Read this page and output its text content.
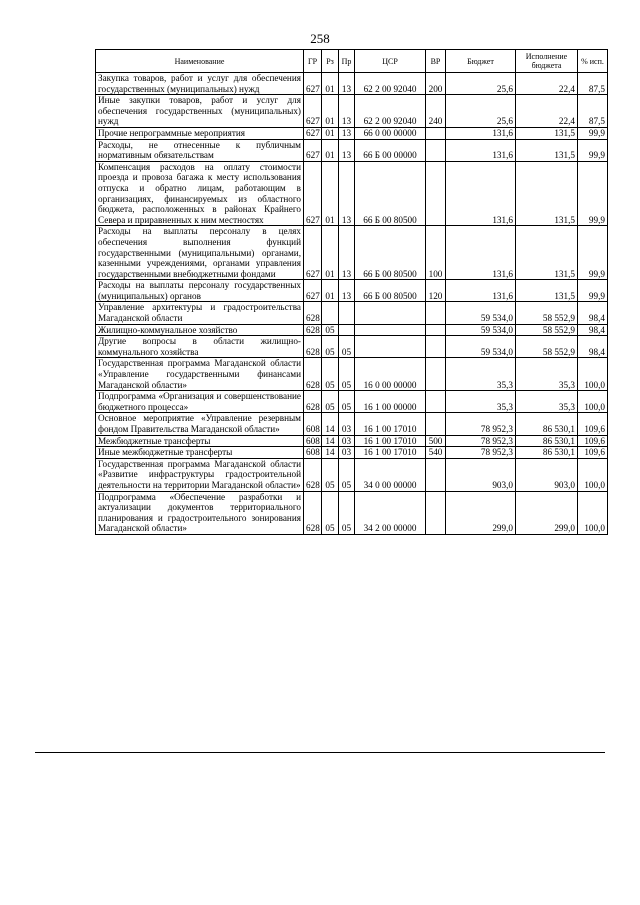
258
Наименование	ГР	Рз	Пр	ЦСР	ВР	Бюджет	Исполнение бюджета	% исп.
Закупка товаров, работ и услуг для обеспечения государственных (муниципальных) нужд	627	01	13	62 2 00 92040	200	25,6	22,4	87,5
Иные закупки товаров, работ и услуг для обеспечения государственных (муниципальных) нужд	627	01	13	62 2 00 92040	240	25,6	22,4	87,5
Прочие непрограммные мероприятия	627	01	13	66 0 00 00000		131,6	131,5	99,9
Расходы, не отнесенные к публичным нормативным обязательствам	627	01	13	66 Б 00 00000		131,6	131,5	99,9
Компенсация расходов на оплату стоимости проезда и провоза багажа к месту использования отпуска и обратно лицам, работающим в организациях, финансируемых из областного бюджета, расположенных в районах Крайнего Севера и приравненных к ним местностях	627	01	13	66 Б 00 80500		131,6	131,5	99,9
Расходы на выплаты персоналу в целях обеспечения выполнения функций государственными (муниципальными) органами, казенными учреждениями, органами управления государственными внебюджетными фондами	627	01	13	66 Б 00 80500	100	131,6	131,5	99,9
Расходы на выплаты персоналу государственных (муниципальных) органов	627	01	13	66 Б 00 80500	120	131,6	131,5	99,9
Управление архитектуры и градостроительства Магаданской области	628					59 534,0	58 552,9	98,4
Жилищно-коммунальное хозяйство	628	05				59 534,0	58 552,9	98,4
Другие вопросы в области жилищно-коммунального хозяйства	628	05	05			59 534,0	58 552,9	98,4
Государственная программа Магаданской области «Управление государственными финансами Магаданской области»	628	05	05	16 0 00 00000		35,3	35,3	100,0
Подпрограмма «Организация и совершенствование бюджетного процесса»	628	05	05	16 1 00 00000		35,3	35,3	100,0
Основное мероприятие «Управление резервным фондом Правительства Магаданской области»	608	14	03	16 1 00 17010		78 952,3	86 530,1	109,6
Межбюджетные трансферты	608	14	03	16 1 00 17010	500	78 952,3	86 530,1	109,6
Иные межбюджетные трансферты	608	14	03	16 1 00 17010	540	78 952,3	86 530,1	109,6
Государственная программа Магаданской области «Развитие инфраструктуры градостроительной деятельности на территории Магаданской области»	628	05	05	34 0 00 00000		903,0	903,0	100,0
Подпрограмма «Обеспечение разработки и актуализации документов территориального планирования и градостроительного зонирования Магаданской области»	628	05	05	34 2 00 00000		299,0	299,0	100,0
